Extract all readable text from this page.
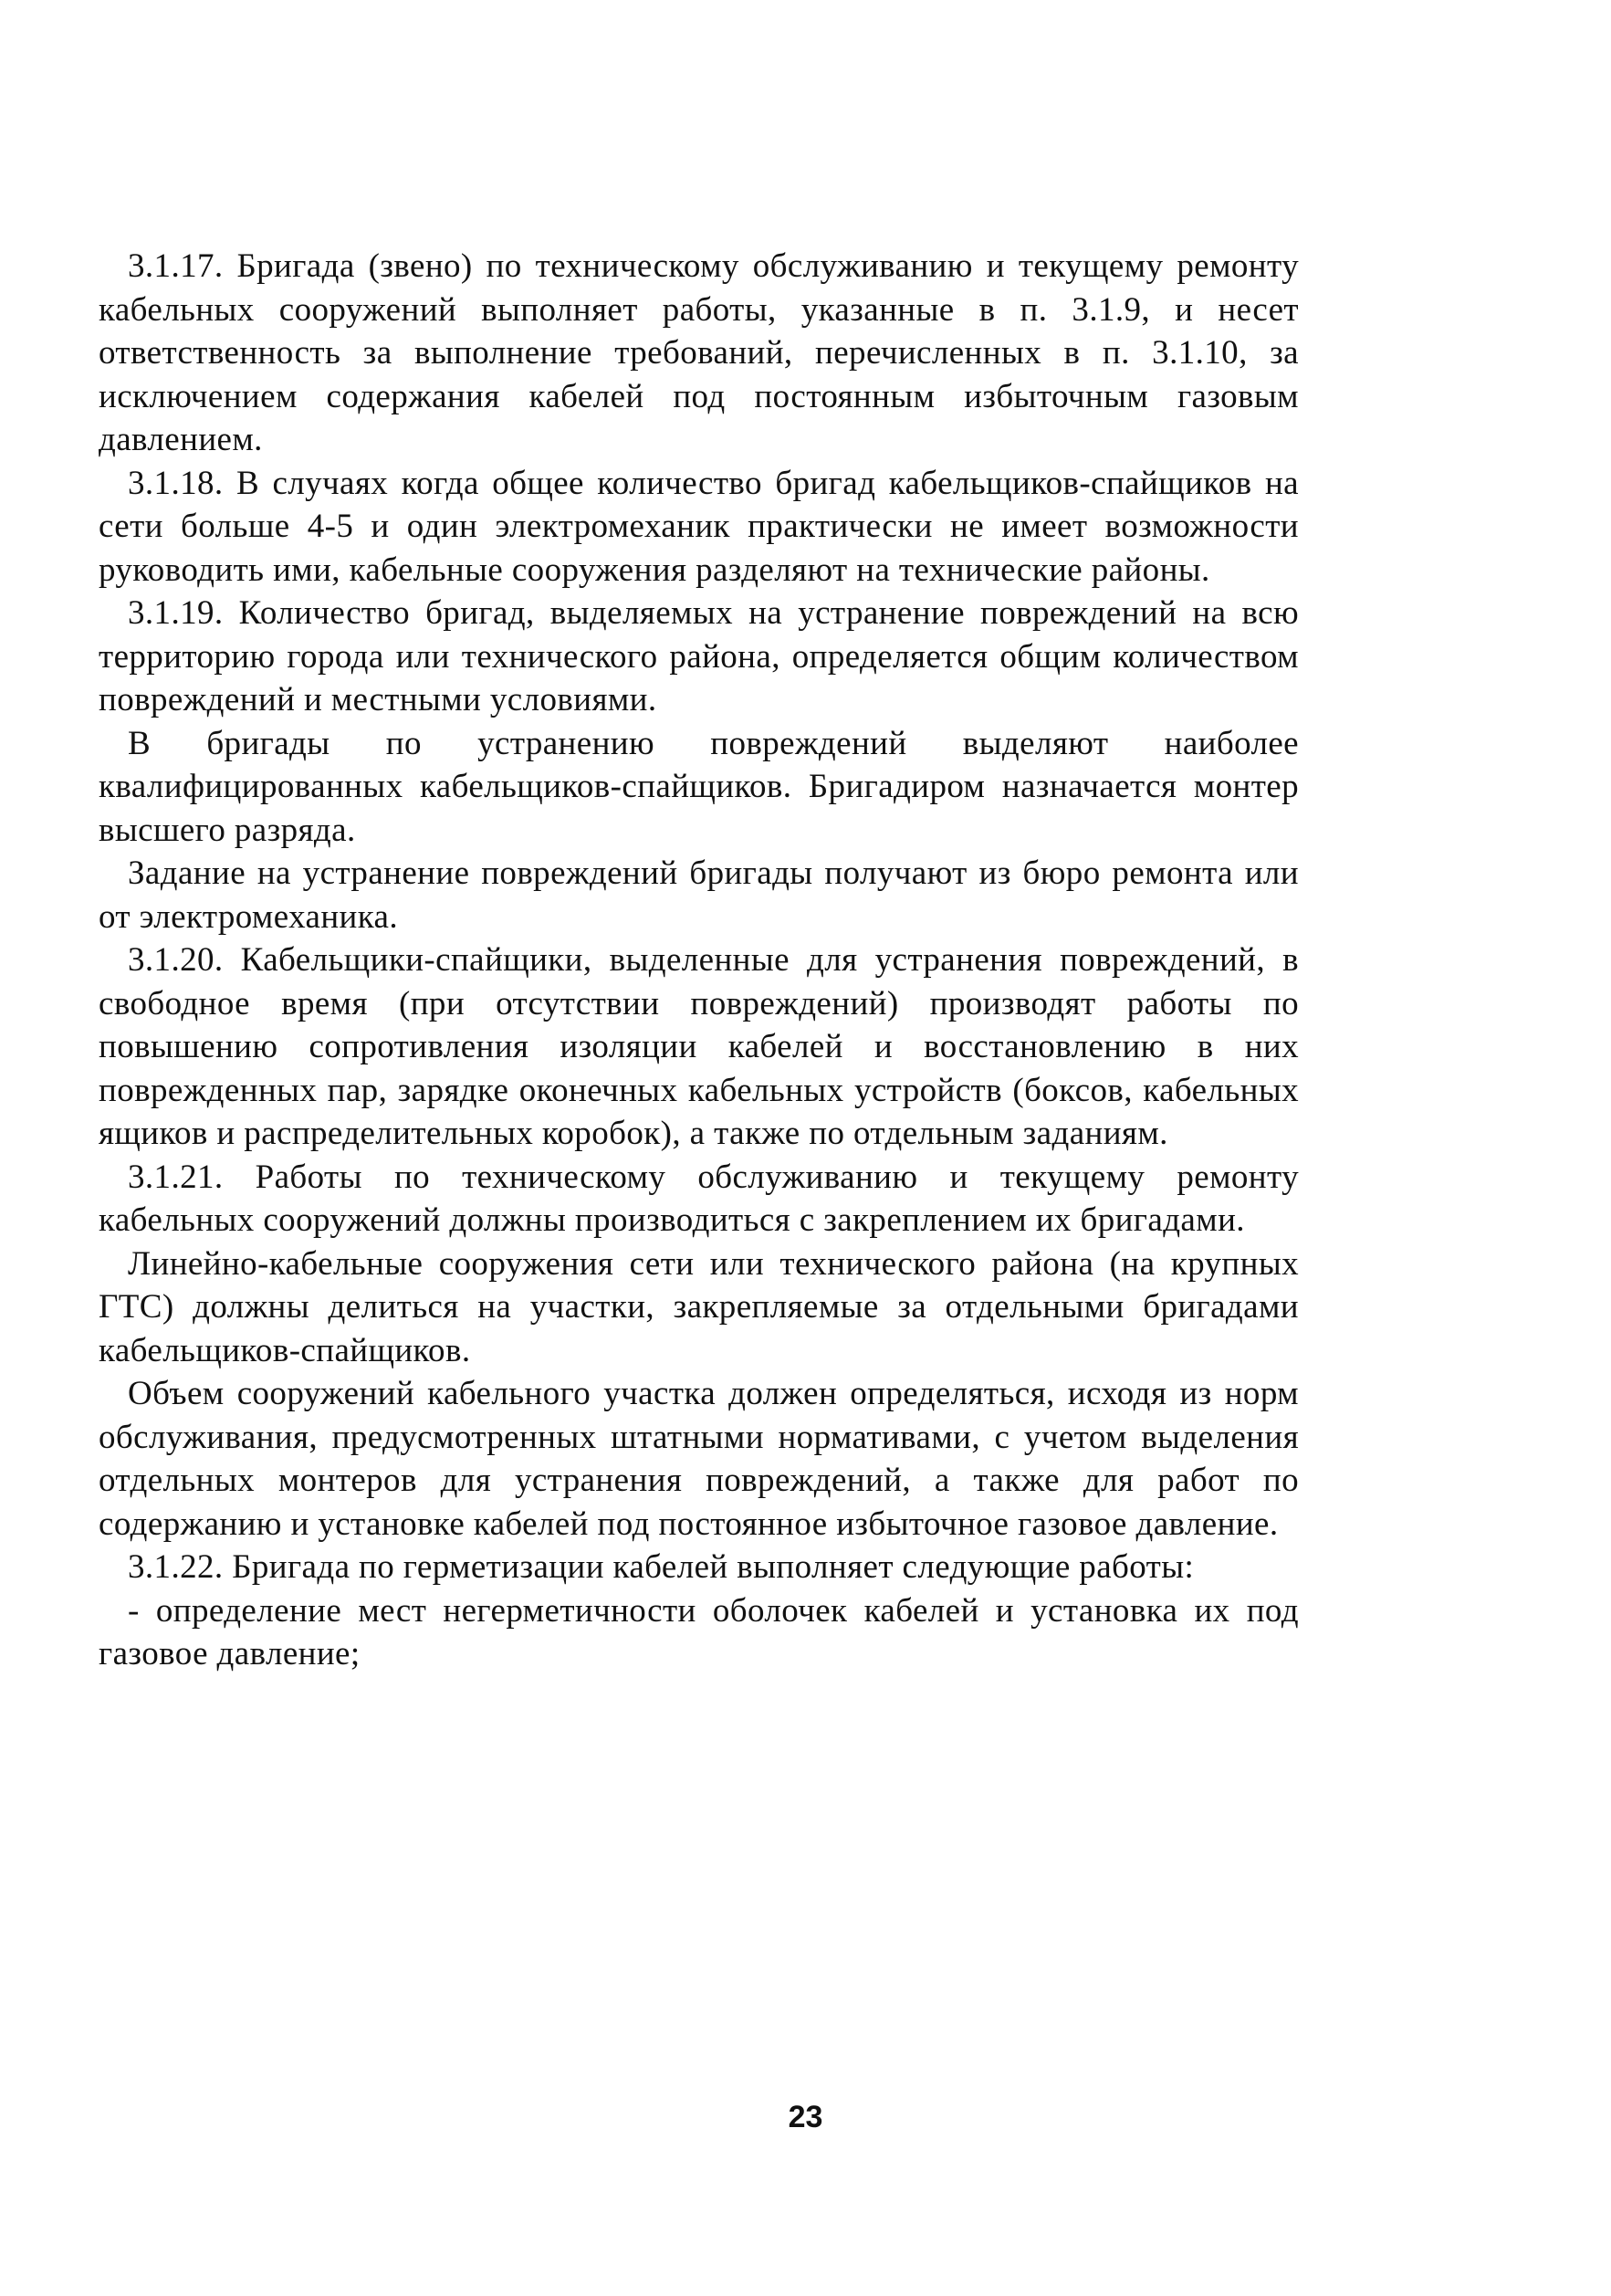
3.1.17. Бригада (звено) по техническому обслуживанию и текущему ремонту кабельных сооружений выполняет работы, указанные в п. 3.1.9, и несет ответственность за выполнение требований, перечисленных в п. 3.1.10, за исключением содержания кабелей под постоянным избыточным газовым давлением.

3.1.18. В случаях когда общее количество бригад кабельщиков-спайщиков на сети больше 4-5 и один электромеханик практически не имеет возможности руководить ими, кабельные сооружения разделяют на технические районы.

3.1.19. Количество бригад, выделяемых на устранение повреждений на всю территорию города или технического района, определяется общим количеством повреждений и местными условиями.

В бригады по устранению повреждений выделяют наиболее квалифицированных кабельщиков-спайщиков. Бригадиром назначается монтер высшего разряда.

Задание на устранение повреждений бригады получают из бюро ремонта или от электромеханика.

3.1.20. Кабельщики-спайщики, выделенные для устранения повреждений, в свободное время (при отсутствии повреждений) производят работы по повышению сопротивления изоляции кабелей и восстановлению в них поврежденных пар, зарядке оконечных кабельных устройств (боксов, кабельных ящиков и распределительных коробок), а также по отдельным заданиям.

3.1.21. Работы по техническому обслуживанию и текущему ремонту кабельных сооружений должны производиться с закреплением их бригадами.

Линейно-кабельные сооружения сети или технического района (на крупных ГТС) должны делиться на участки, закрепляемые за отдельными бригадами кабельщиков-спайщиков.

Объем сооружений кабельного участка должен определяться, исходя из норм обслуживания, предусмотренных штатными нормативами, с учетом выделения отдельных монтеров для устранения повреждений, а также для работ по содержанию и установке кабелей под постоянное избыточное газовое давление.

3.1.22. Бригада по герметизации кабелей выполняет следующие работы:

- определение мест негерметичности оболочек кабелей и установка их под газовое давление;

23
